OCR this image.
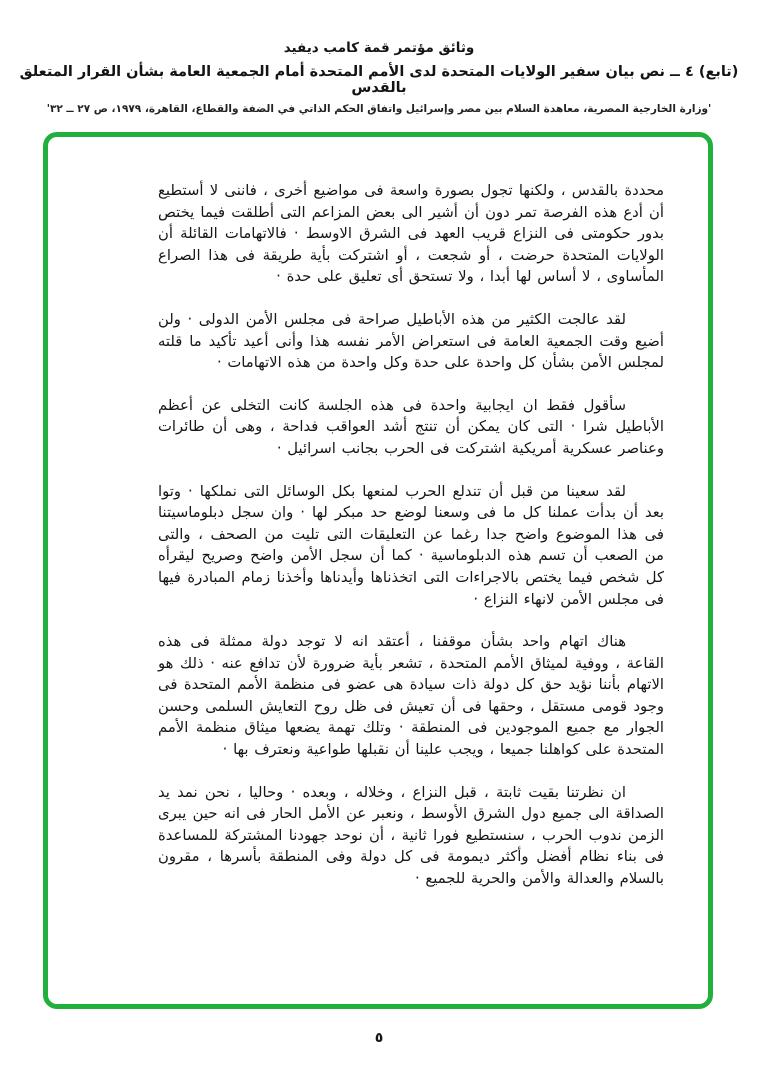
وثائق مؤتمر قمة كامب ديفيد
(تابع) ٤ ــ نص بيان سفير الولايات المتحدة لدى الأمم المتحدة أمام الجمعية العامة بشأن القرار المتعلق بالقدس
'وزارة الخارجية المصرية، معاهدة السلام بين مصر وإسرائيل واتفاق الحكم الذاتي في الضفة والقطاع، القاهرة، ١٩٧٩، ص ٢٧ ــ ٣٢'

محددة بالقدس ، ولكنها تجول بصورة واسعة فى مواضيع أخرى ، فاننى لا أستطيع أن أدع هذه الفرصة تمر دون أن أشير الى بعض المزاعم التى أطلقت فيما يختص بدور حكومتى فى النزاع قريب العهد فى الشرق الاوسط · فالاتهامات القائلة أن الولايات المتحدة حرضت ، أو شجعت ، أو اشتركت بأية طريقة فى هذا الصراع المأساوى ، لا أساس لها أبدا ، ولا تستحق أى تعليق على حدة ·

لقد عالجت الكثير من هذه الأباطيل صراحة فى مجلس الأمن الدولى · ولن أضيع وقت الجمعية العامة فى استعراض الأمر نفسه هذا وأنى أعيد تأكيد ما قلته لمجلس الأمن بشأن كل واحدة على حدة وكل واحدة من هذه الاتهامات ·

سأقول فقط ان ايجابية واحدة فى هذه الجلسة كانت التخلى عن أعظم الأباطيل شرا · التى كان يمكن أن تنتج أشد العواقب فداحة ، وهى أن طائرات وعناصر عسكرية أمريكية اشتركت فى الحرب بجانب اسرائيل ·

لقد سعينا من قبل أن تندلع الحرب لمنعها بكل الوسائل التى نملكها · وتوا بعد أن بدأت عملنا كل ما فى وسعنا لوضع حد مبكر لها · وان سجل دبلوماسيتنا فى هذا الموضوع واضح جدا رغما عن التعليقات التى تليت من الصحف ، والتى من الصعب أن تسم هذه الدبلوماسية · كما أن سجل الأمن واضح وصريح ليقرأه كل شخص فيما يختص بالاجراءات التى اتخذناها وأيدناها وأخذنا زمام المبادرة فيها فى مجلس الأمن لانهاء النزاع ·

هناك اتهام واحد بشأن موقفنا ، أعتقد انه لا توجد دولة ممثلة فى هذه القاعة ، ووفية لميثاق الأمم المتحدة ، تشعر بأية ضرورة لأن تدافع عنه · ذلك هو الاتهام بأننا نؤيد حق كل دولة ذات سيادة هى عضو فى منظمة الأمم المتحدة فى وجود قومى مستقل ، وحقها فى أن تعيش فى ظل روح التعايش السلمى وحسن الجوار مع جميع الموجودين فى المنطقة · وتلك تهمة يضعها ميثاق منظمة الأمم المتحدة على كواهلنا جميعا ، ويجب علينا أن نقبلها طواعية ونعترف بها ·

ان نظرتنا بقيت ثابتة ، قبل النزاع ، وخلاله ، وبعده · وحاليا ، نحن نمد يد الصداقة الى جميع دول الشرق الأوسط ، ونعبر عن الأمل الحار فى انه حين يبرى الزمن ندوب الحرب ، سنستطيع فورا ثانية ، أن نوحد جهودنا المشتركة للمساعدة فى بناء نظام أفضل وأكثر ديمومة فى كل دولة وفى المنطقة بأسرها ، مقرون بالسلام والعدالة والأمن والحرية للجميع ·

٥
